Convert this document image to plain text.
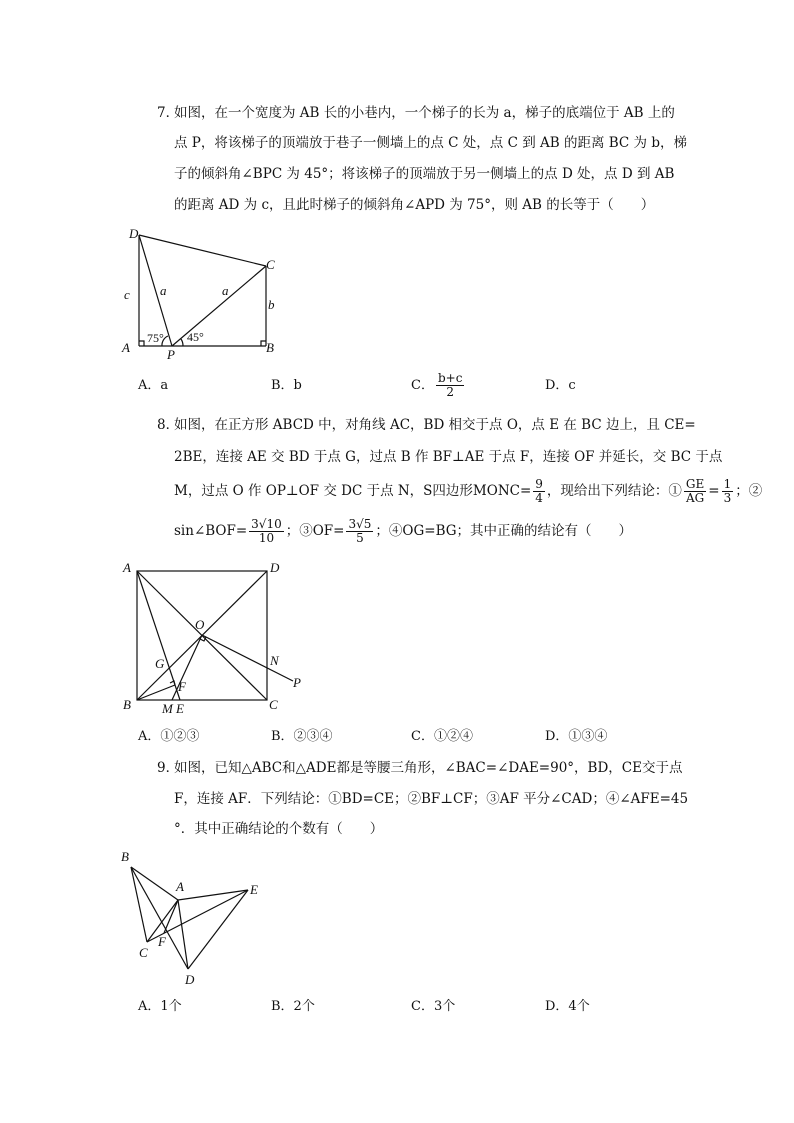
7．
如图，在一个宽度为 AB 长的小巷内，一个梯子的长为 a，梯子的底端位于 AB 上的
点 P，将该梯子的顶端放于巷子一侧墙上的点 C 处，点 C 到 AB 的距离 BC 为 b，梯
子的倾斜角∠BPC 为 45°；将该梯子的顶端放于另一侧墙上的点 D 处，点 D 到 AB
的距离 AD 为 c，且此时梯子的倾斜角∠APD 为 75°，则 AB 的长等于（　　）
D
C
A	B
P
a	a
b
c
75° 45°
A．a	B．b	C． $\frac{b+c}{2}$	D．c
8．
如图，在正方形 ABCD 中，对角线 AC，BD 相交于点 O，点 E 在 BC 边上，且 CE=
2BE，连接 AE 交 BD 于点 G，过点 B 作 BF⊥AE 于点 F，连接 OF 并延长，交 BC 于点
M，过点 O 作 OP⊥OF 交 DC 于点 N，S四边形MONC= $\frac{9}{4}$ ，现给出下列结论：① $\frac{GE}{AG} = \frac{1}{3}$ ；②
sin∠BOF= $\frac{3√10}{10}$ ；③OF= $\frac{3√5}{5}$ ；④OG=BG；其中正确的结论有（　　）
A	D
B	C
O
G
F
M E
N
P
A．①②③	B．②③④	C．①②④	D．①③④
9．
如图，已知△ABC和△ADE都是等腰三角形，∠BAC=∠DAE=90°，BD，CE交于点
F，连接 AF．下列结论：①BD=CE；②BF⊥CF；③AF 平分∠CAD；④∠AFE=45
°．其中正确结论的个数有（　　）
B
A	E
F
C
D
A．1个	B．2个	C．3个	D．4个
